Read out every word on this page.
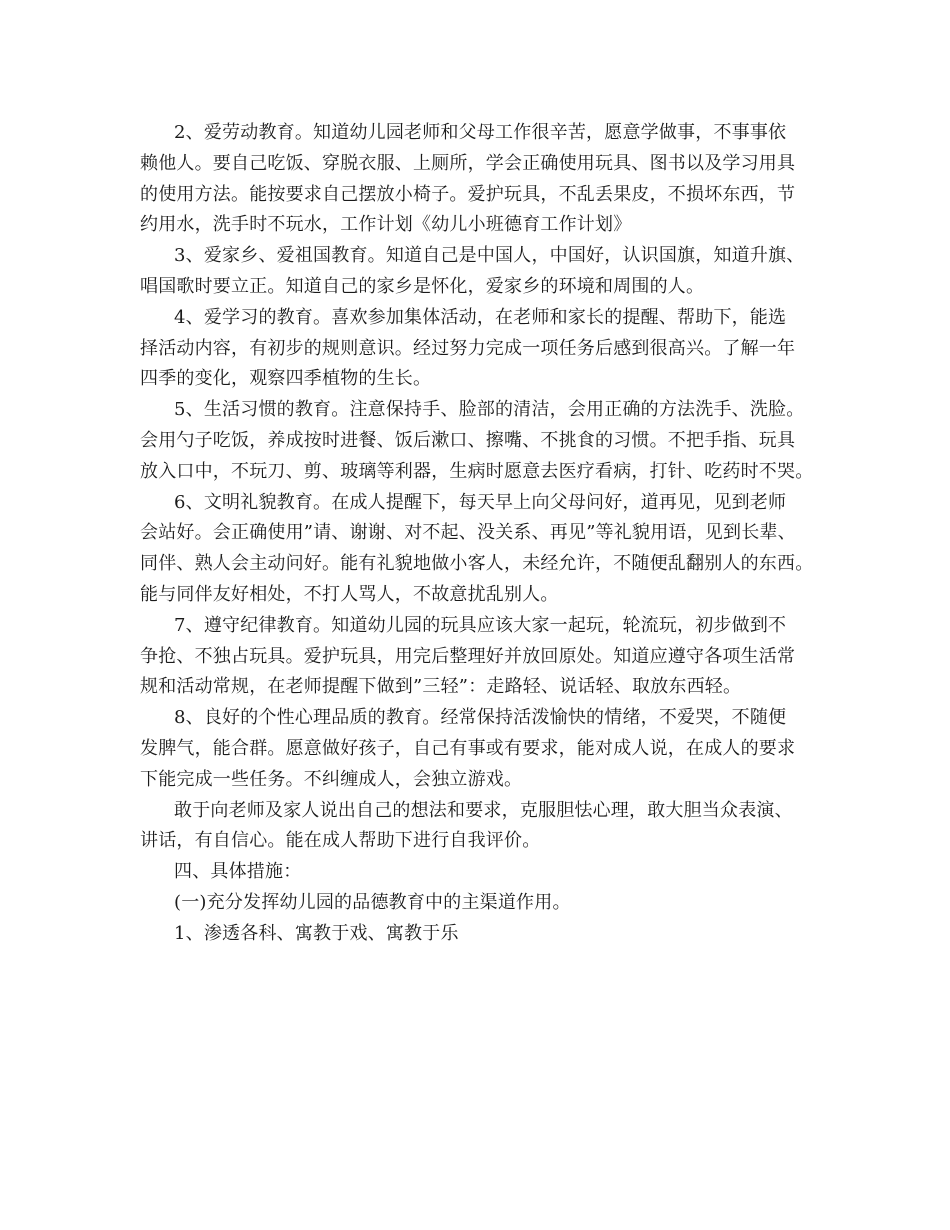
2、爱劳动教育。知道幼儿园老师和父母工作很辛苦，愿意学做事，不事事依
赖他人。要自己吃饭、穿脱衣服、上厕所，学会正确使用玩具、图书以及学习用具
的使用方法。能按要求自己摆放小椅子。爱护玩具，不乱丢果皮，不损坏东西，节
约用水，洗手时不玩水，工作计划《幼儿小班德育工作计划》
3、爱家乡、爱祖国教育。知道自己是中国人，中国好，认识国旗，知道升旗、
唱国歌时要立正。知道自己的家乡是怀化，爱家乡的环境和周围的人。
4、爱学习的教育。喜欢参加集体活动，在老师和家长的提醒、帮助下，能选
择活动内容，有初步的规则意识。经过努力完成一项任务后感到很高兴。了解一年
四季的变化，观察四季植物的生长。
5、生活习惯的教育。注意保持手、脸部的清洁，会用正确的方法洗手、洗脸。
会用勺子吃饭，养成按时进餐、饭后漱口、擦嘴、不挑食的习惯。不把手指、玩具
放入口中，不玩刀、剪、玻璃等利器，生病时愿意去医疗看病，打针、吃药时不哭。
6、文明礼貌教育。在成人提醒下，每天早上向父母问好，道再见，见到老师
会站好。会正确使用”请、谢谢、对不起、没关系、再见”等礼貌用语，见到长辈、
同伴、熟人会主动问好。能有礼貌地做小客人，未经允许，不随便乱翻别人的东西。
能与同伴友好相处，不打人骂人，不故意扰乱别人。
7、遵守纪律教育。知道幼儿园的玩具应该大家一起玩，轮流玩，初步做到不
争抢、不独占玩具。爱护玩具，用完后整理好并放回原处。知道应遵守各项生活常
规和活动常规，在老师提醒下做到”三轻”：走路轻、说话轻、取放东西轻。
8、良好的个性心理品质的教育。经常保持活泼愉快的情绪，不爱哭，不随便
发脾气，能合群。愿意做好孩子，自己有事或有要求，能对成人说，在成人的要求
下能完成一些任务。不纠缠成人，会独立游戏。
敢于向老师及家人说出自己的想法和要求，克服胆怯心理，敢大胆当众表演、
讲话，有自信心。能在成人帮助下进行自我评价。
四、具体措施：
(一)充分发挥幼儿园的品德教育中的主渠道作用。
1、渗透各科、寓教于戏、寓教于乐
